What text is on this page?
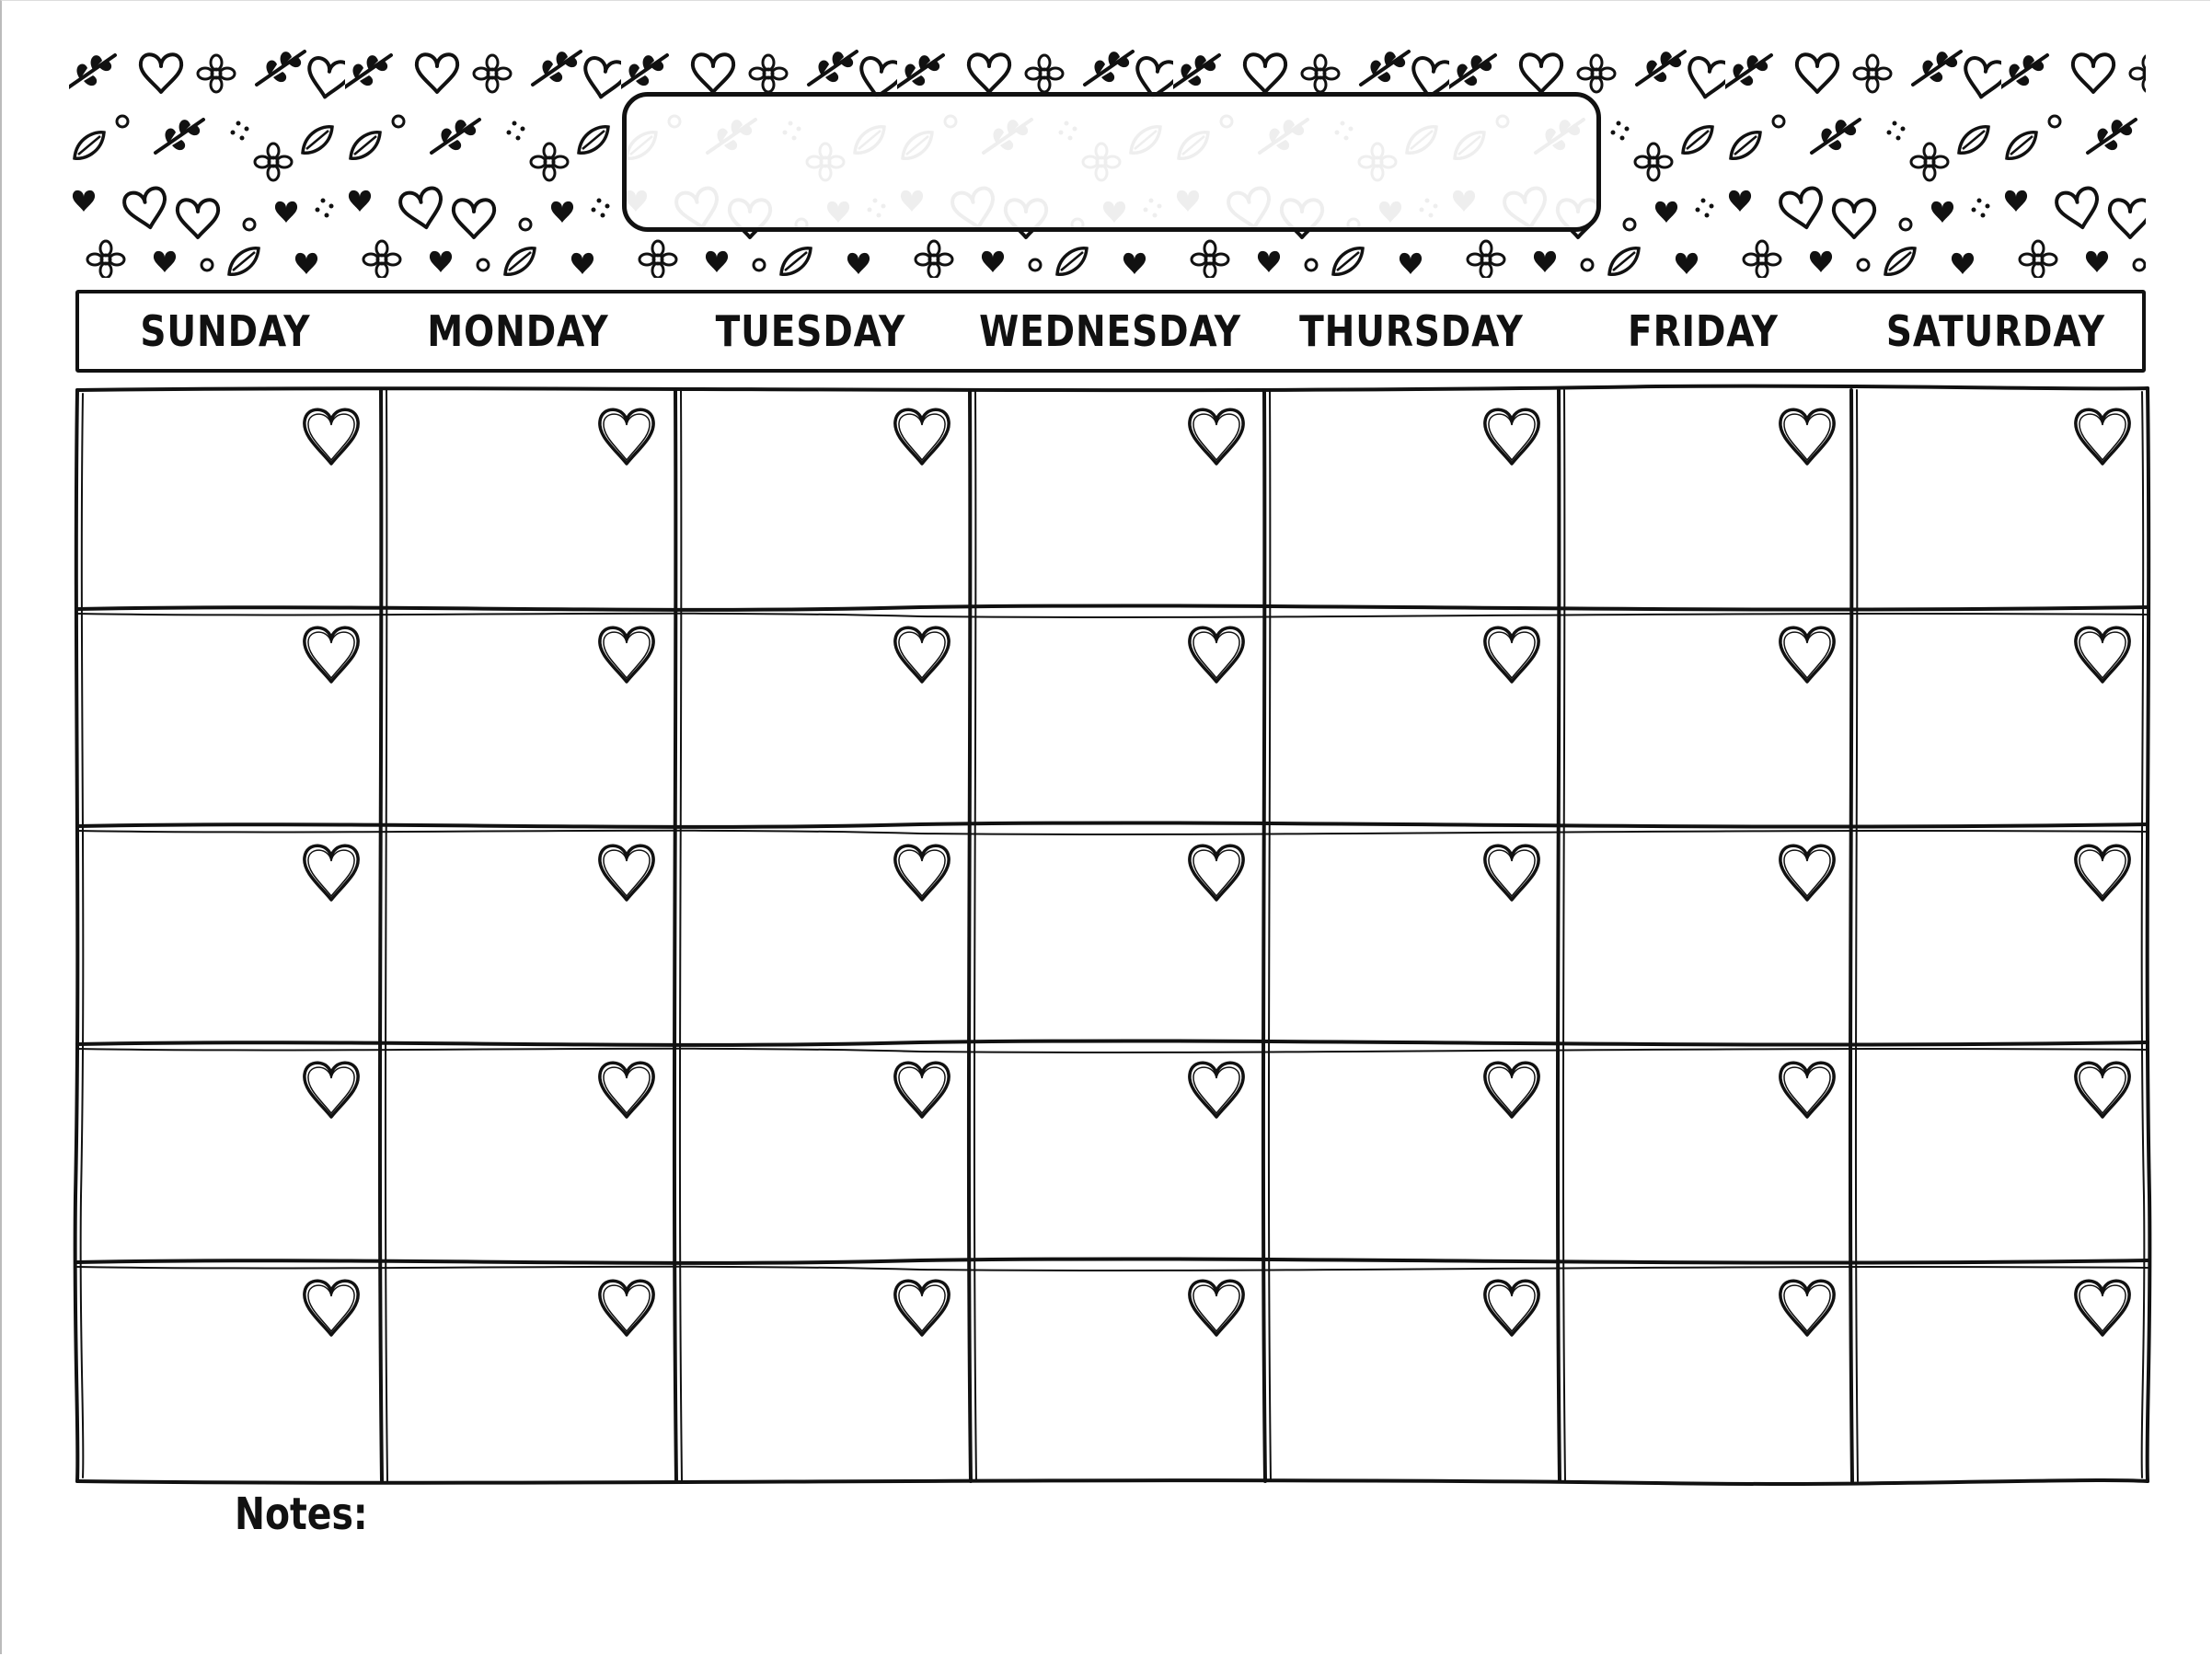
SUNDAY	MONDAY	TUESDAY	WEDNESDAY THURSDAY	FRIDAY	SATURDAY
Notes:
